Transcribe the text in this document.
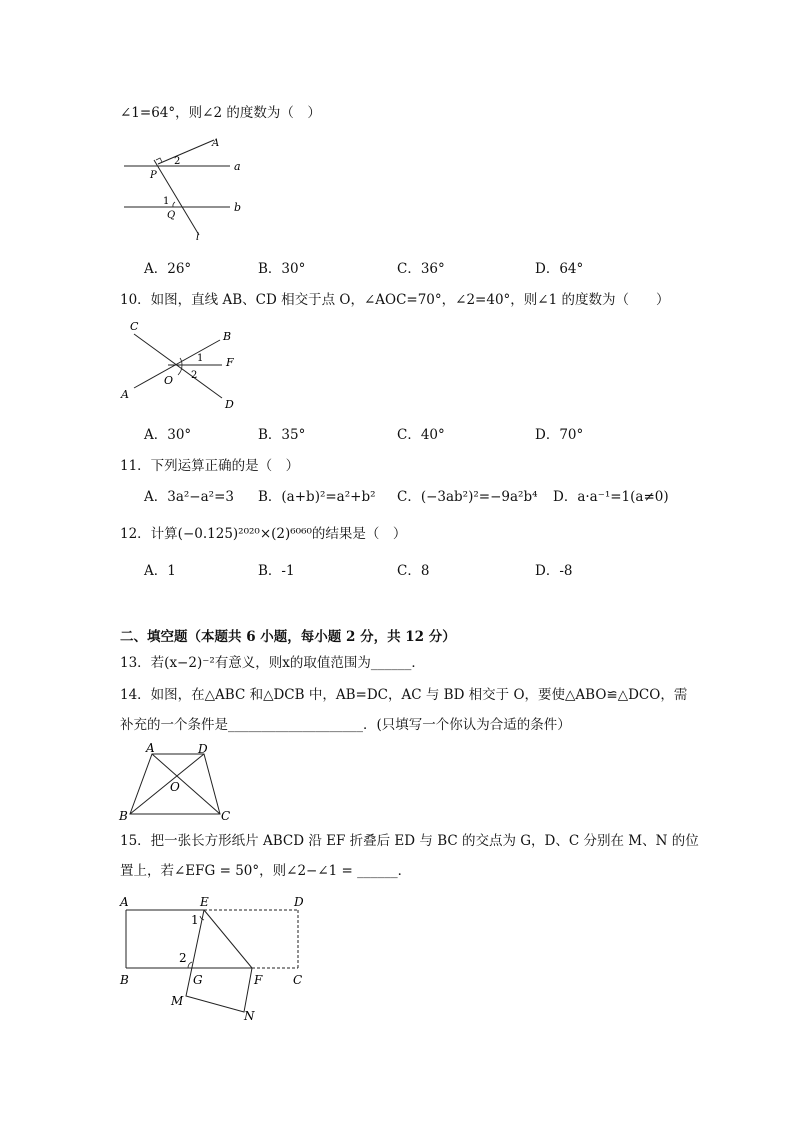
∠1=64°，则∠2 的度数为（　）
A
a
2
P
1
Q
b
l
A．26°	B．30°	C．36°	D．64°
10．如图，直线 AB、CD 相交于点 O，∠AOC=70°，∠2=40°，则∠1 的度数为（　　）
C
B
1 F
O 2
A
D
A．30°	B．35°	C．40°	D．70°
11．下列运算正确的是（　）
A．3a²−a²=3 B．(a+b)²=a²+b² C．(−3ab²)²=−9a²b⁴ D．a·a⁻¹=1(a≠0)
12．计算(−0.125)²⁰²⁰×(2)⁶⁰⁶⁰的结果是（　）
A．1	B．-1	C．8	D．-8
二、填空题（本题共 6 小题，每小题 2 分，共 12 分）
13．若(x−2)⁻²有意义，则x的取值范围为______．
14．如图，在△ABC 和△DCB 中，AB=DC，AC 与 BD 相交于 O，要使△ABO≌△DCO，需
补充的一个条件是____________________．(只填写一个你认为合适的条件）
A	D
O
B	C
15．把一张长方形纸片 ABCD 沿 EF 折叠后 ED 与 BC 的交点为 G，D、C 分别在 M、N 的位
置上，若∠EFG = 50°，则∠2−∠1 = ______．
A	E	D
1
2
B	G	F	C
M
N
